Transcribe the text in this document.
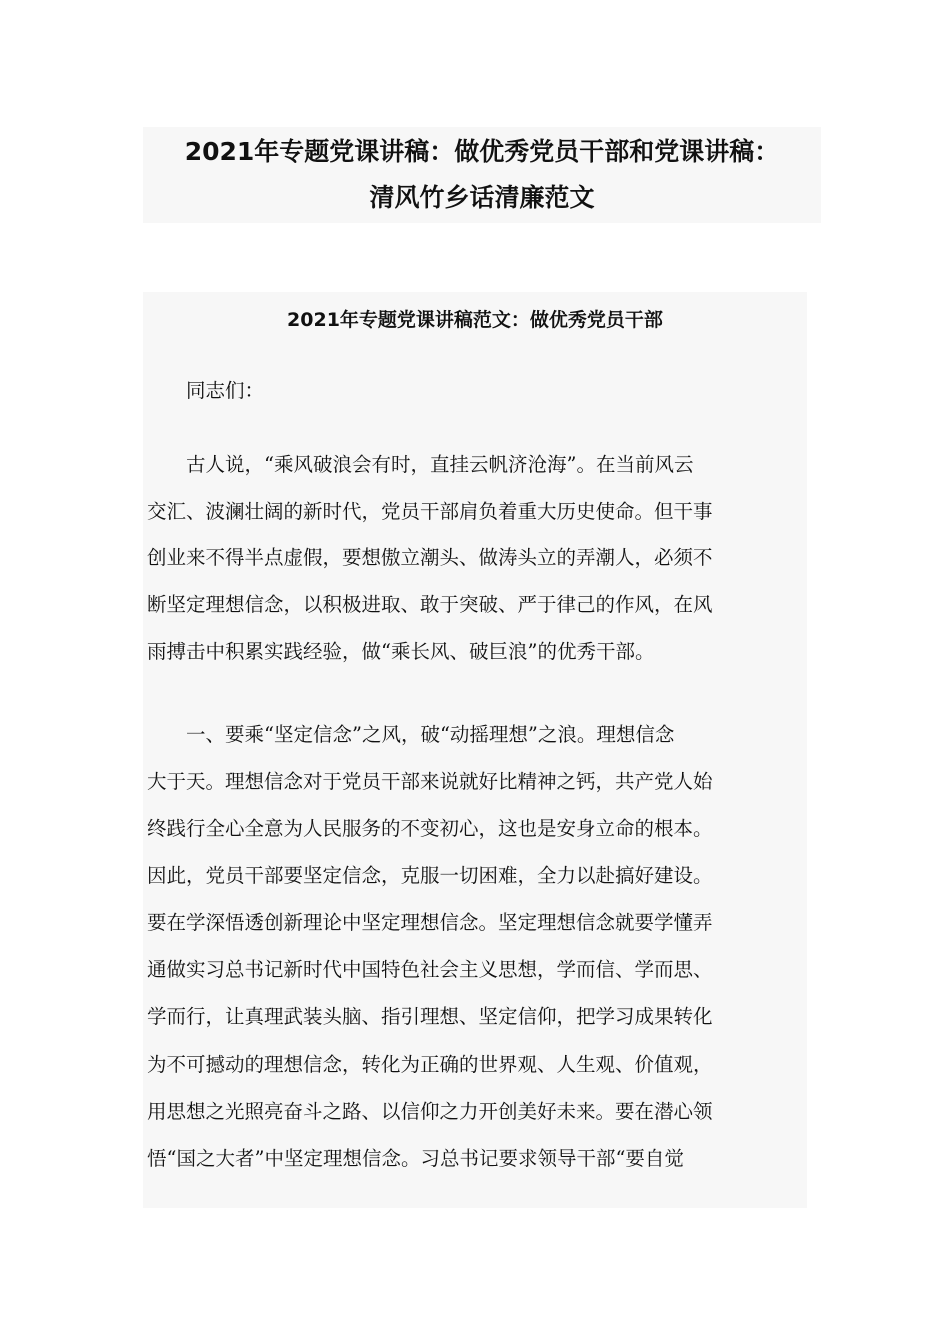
2021年专题党课讲稿：做优秀党员干部和党课讲稿：
清风竹乡话清廉范文
2021年专题党课讲稿范文：做优秀党员干部
　　同志们：
　　古人说，“乘风破浪会有时，直挂云帆济沧海”。在当前风云
交汇、波澜壮阔的新时代，党员干部肩负着重大历史使命。但干事
创业来不得半点虚假，要想傲立潮头、做涛头立的弄潮人，必须不
断坚定理想信念，以积极进取、敢于突破、严于律己的作风，在风
雨搏击中积累实践经验，做“乘长风、破巨浪”的优秀干部。
　　一、要乘“坚定信念”之风，破“动摇理想”之浪。理想信念
大于天。理想信念对于党员干部来说就好比精神之钙，共产党人始
终践行全心全意为人民服务的不变初心，这也是安身立命的根本。
因此，党员干部要坚定信念，克服一切困难，全力以赴搞好建设。
要在学深悟透创新理论中坚定理想信念。坚定理想信念就要学懂弄
通做实习总书记新时代中国特色社会主义思想，学而信、学而思、
学而行，让真理武装头脑、指引理想、坚定信仰，把学习成果转化
为不可撼动的理想信念，转化为正确的世界观、人生观、价值观，
用思想之光照亮奋斗之路、以信仰之力开创美好未来。要在潜心领
悟“国之大者”中坚定理想信念。习总书记要求领导干部“要自觉
